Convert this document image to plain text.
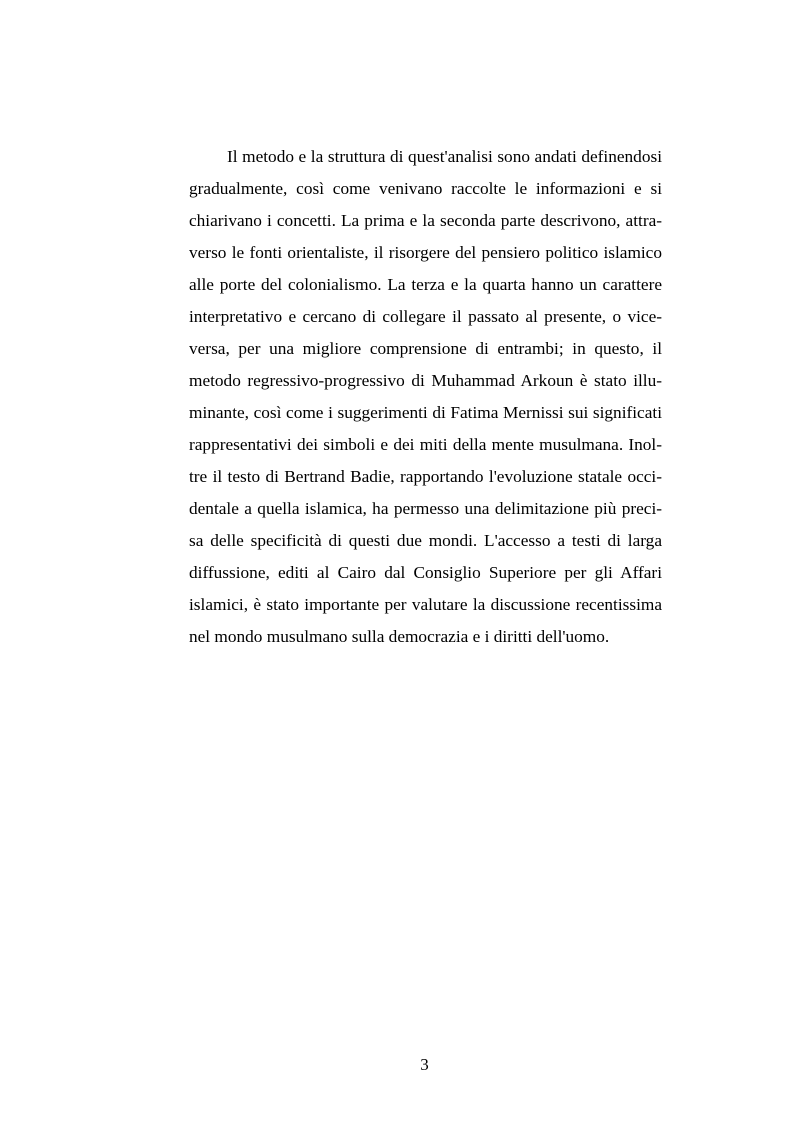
Il metodo e la struttura di quest'analisi sono andati definendosi
gradualmente, così come venivano raccolte le informazioni e si
chiarivano i concetti. La prima e la seconda parte descrivono, attra-
verso le fonti orientaliste, il risorgere del pensiero politico islamico
alle porte del colonialismo. La terza e la quarta hanno un carattere
interpretativo e cercano di collegare il passato al presente, o vice-
versa, per una migliore comprensione di entrambi; in questo, il
metodo regressivo-progressivo di Muhammad Arkoun è stato illu-
minante, così come i suggerimenti di Fatima Mernissi sui significati
rappresentativi dei simboli e dei miti della mente musulmana. Inol-
tre il testo di Bertrand Badie, rapportando l'evoluzione statale occi-
dentale a quella islamica, ha permesso una delimitazione più preci-
sa delle specificità di questi due mondi. L'accesso a testi di larga
diffussione, editi al Cairo dal Consiglio Superiore per gli Affari
islamici, è stato importante per valutare la discussione recentissima
nel mondo musulmano sulla democrazia e i diritti dell'uomo.
3
